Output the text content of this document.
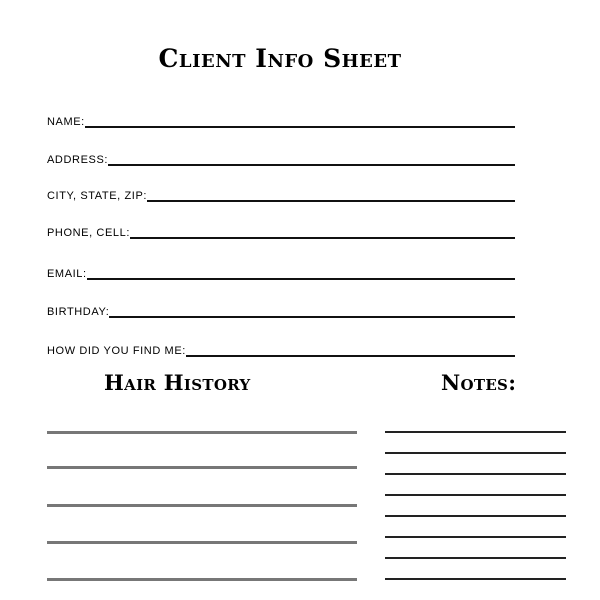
Client Info Sheet
NAME:
ADDRESS:
CITY, STATE, ZIP:
PHONE, CELL:
EMAIL:
BIRTHDAY:
HOW DID YOU FIND ME:
Hair History	Notes:
